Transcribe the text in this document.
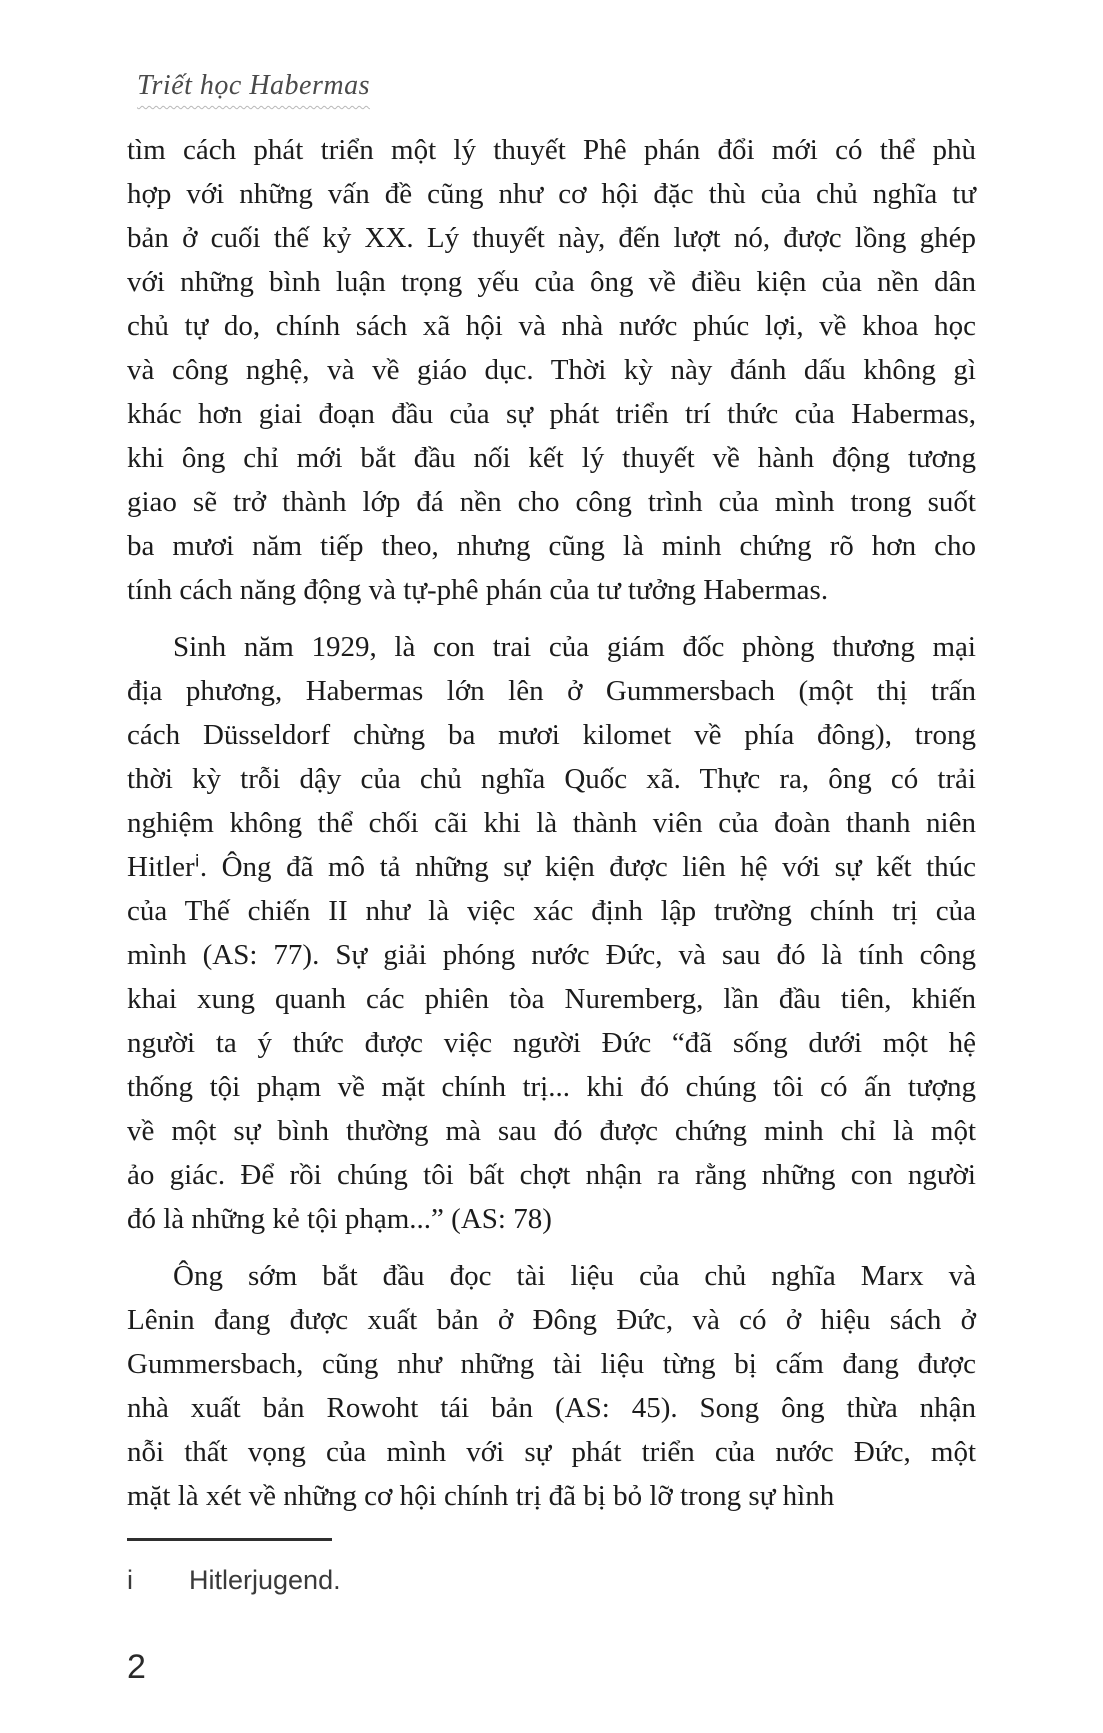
Triết học Habermas
tìm cách phát triển một lý thuyết Phê phán đổi mới có thể phù
hợp với những vấn đề cũng như cơ hội đặc thù của chủ nghĩa tư
bản ở cuối thế kỷ XX. Lý thuyết này, đến lượt nó, được lồng ghép
với những bình luận trọng yếu của ông về điều kiện của nền dân
chủ tự do, chính sách xã hội và nhà nước phúc lợi, về khoa học
và công nghệ, và về giáo dục. Thời kỳ này đánh dấu không gì
khác hơn giai đoạn đầu của sự phát triển trí thức của Habermas,
khi ông chỉ mới bắt đầu nối kết lý thuyết về hành động tương
giao sẽ trở thành lớp đá nền cho công trình của mình trong suốt
ba mươi năm tiếp theo, nhưng cũng là minh chứng rõ hơn cho
tính cách năng động và tự-phê phán của tư tưởng Habermas.
Sinh năm 1929, là con trai của giám đốc phòng thương mại
địa phương, Habermas lớn lên ở Gummersbach (một thị trấn
cách Düsseldorf chừng ba mươi kilomet về phía đông), trong
thời kỳ trỗi dậy của chủ nghĩa Quốc xã. Thực ra, ông có trải
nghiệm không thể chối cãi khi là thành viên của đoàn thanh niên
Hitlerⁱ. Ông đã mô tả những sự kiện được liên hệ với sự kết thúc
của Thế chiến II như là việc xác định lập trường chính trị của
mình (AS: 77). Sự giải phóng nước Đức, và sau đó là tính công
khai xung quanh các phiên tòa Nuremberg, lần đầu tiên, khiến
người ta ý thức được việc người Đức “đã sống dưới một hệ
thống tội phạm về mặt chính trị... khi đó chúng tôi có ấn tượng
về một sự bình thường mà sau đó được chứng minh chỉ là một
ảo giác. Để rồi chúng tôi bất chợt nhận ra rằng những con người
đó là những kẻ tội phạm...” (AS: 78)
Ông sớm bắt đầu đọc tài liệu của chủ nghĩa Marx và
Lênin đang được xuất bản ở Đông Đức, và có ở hiệu sách ở
Gummersbach, cũng như những tài liệu từng bị cấm đang được
nhà xuất bản Rowoht tái bản (AS: 45). Song ông thừa nhận
nỗi thất vọng của mình với sự phát triển của nước Đức, một
mặt là xét về những cơ hội chính trị đã bị bỏ lỡ trong sự hình
i	Hitlerjugend.
2
